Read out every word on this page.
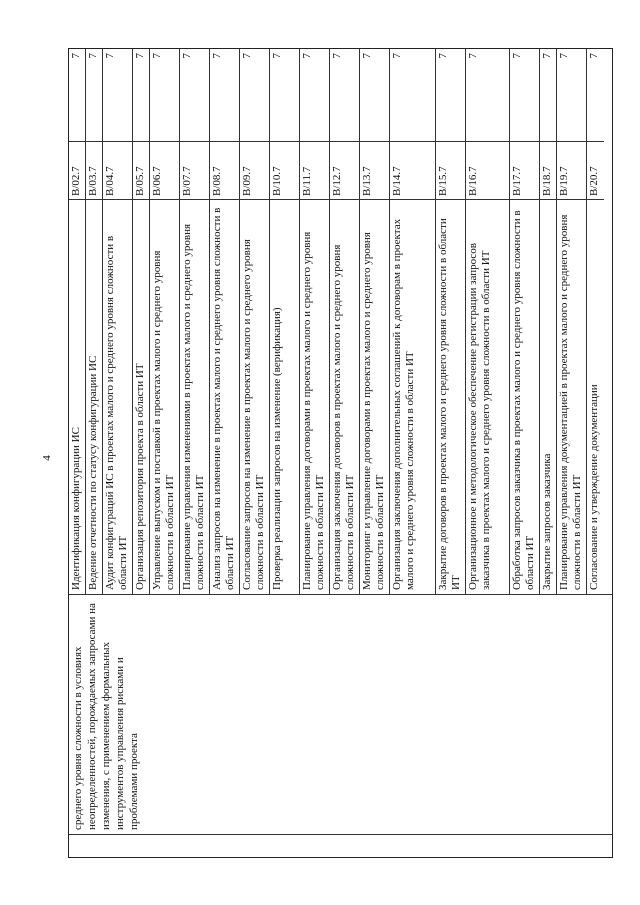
4
среднего уровня сложности в условиях неопределенностей, порождаемых запросами на изменения, с применением формальных инструментов управления рисками и проблемами проекта
Идентификация конфигурации ИС
B/02.7
7
Ведение отчетности по статусу конфигурации ИС
B/03.7
7
Аудит конфигураций ИС в проектах малого и среднего уровня сложности в области ИТ
B/04.7
7
Организация репозитория проекта в области ИТ
B/05.7
7
Управление выпуском и поставкой в проектах малого и среднего уровня сложности в области ИТ
B/06.7
7
Планирование управления изменениями в проектах малого и среднего уровня сложности в области ИТ
B/07.7
7
Анализ запросов на изменение в проектах малого и среднего уровня сложности в области ИТ
B/08.7
7
Согласование запросов на изменение в проектах малого и среднего уровня сложности в области ИТ
B/09.7
7
Проверка реализации запросов на изменение (верификация)
B/10.7
7
Планирование управления договорами в проектах малого и среднего уровня сложности в области ИТ
B/11.7
7
Организация заключения договоров в проектах малого и среднего уровня сложности в области ИТ
B/12.7
7
Мониторинг и управление договорами в проектах малого и среднего уровня сложности в области ИТ
B/13.7
7
Организация заключения дополнительных соглашений к договорам в проектах малого и среднего уровня сложности в области ИТ
B/14.7
7
Закрытие договоров в проектах малого и среднего уровня сложности в области ИТ
B/15.7
7
Организационное и методологическое обеспечение регистрации запросов заказчика в проектах малого и среднего уровня сложности в области ИТ
B/16.7
7
Обработка запросов заказчика в проектах малого и среднего уровня сложности в области ИТ
B/17.7
7
Закрытие запросов заказчика
B/18.7
7
Планирование управления документацией в проектах малого и среднего уровня сложности в области ИТ
B/19.7
7
Согласование и утверждение документации
B/20.7
7
